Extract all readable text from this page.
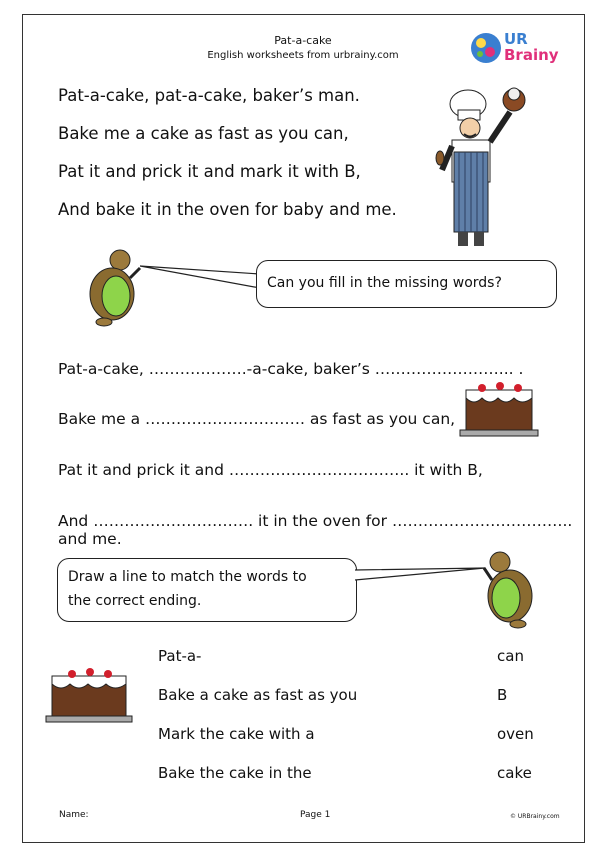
Pat-a-cake
English worksheets from urbrainy.com
UR
Brainy
Pat-a-cake, pat-a-cake, baker’s man.
Bake me a cake as fast as you can,
Pat it and prick it and mark it with B,
And bake it in the oven for baby and me.
Can you fill in the missing words?
Pat-a-cake, ……………….-a-cake, baker’s ……………………... .
Bake me a …………………………. as fast as you can,
Pat it and prick it and …………………………….. it with B,
And …………………………. it in the oven for …………………………….. and me.
Draw a line to match the words to
the correct ending.
Pat-a-
Bake a cake as fast as you
Mark the cake with a
Bake the cake in the
can
B
oven
cake
Name:	Page 1	© URBrainy.com
